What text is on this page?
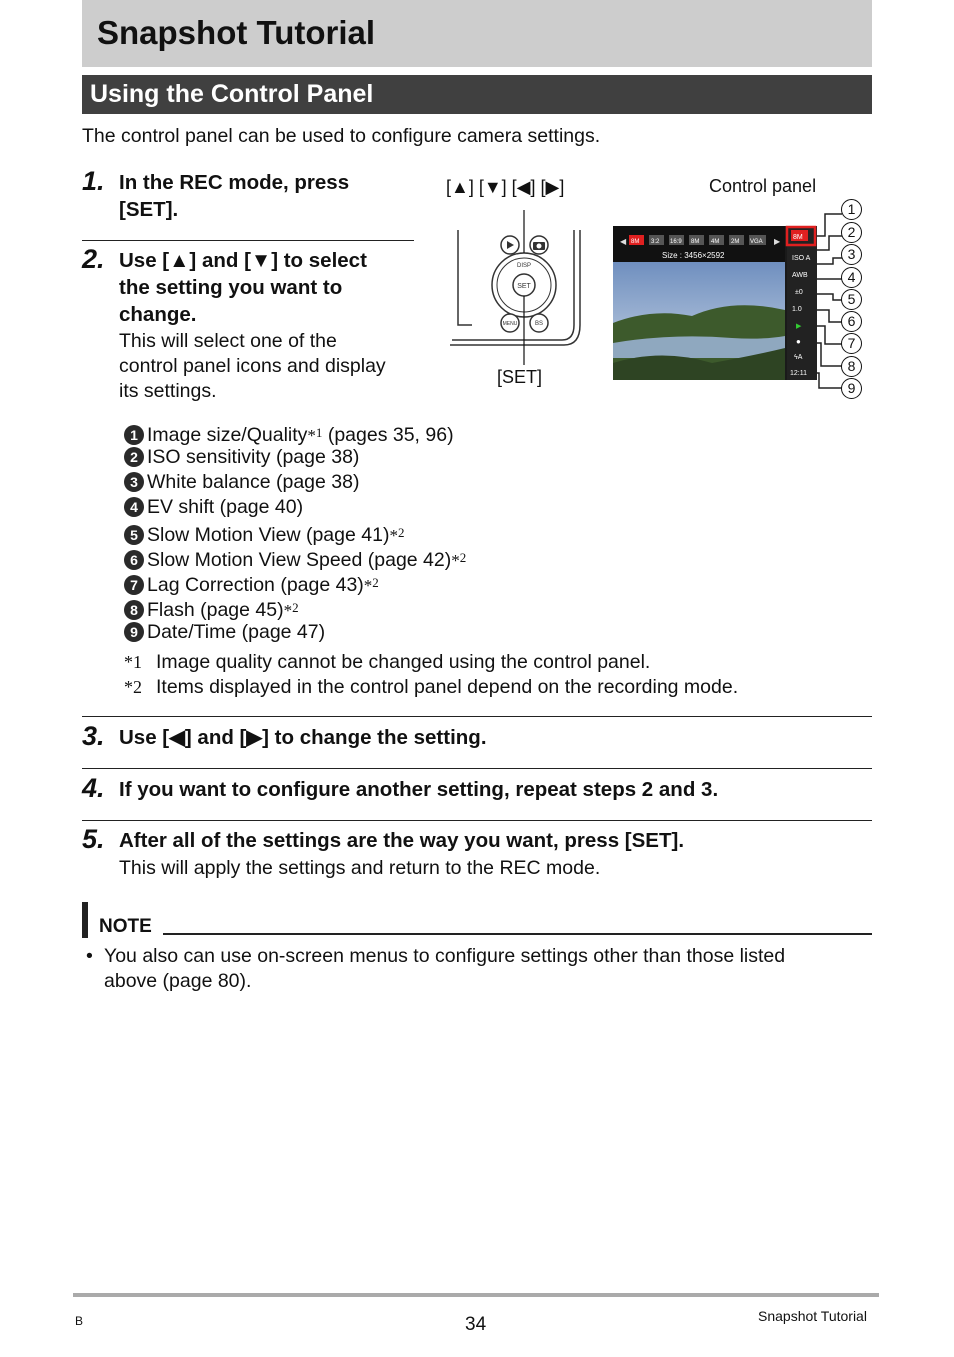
Snapshot Tutorial
Using the Control Panel
The control panel can be used to configure camera settings.
1. In the REC mode, press
[SET].
2. Use [▲] and [▼] to select
the setting you want to
change.
This will select one of the
control panel icons and display
its settings.
[▲] [▼] [◀] [▶]
[SET]
SET
DISP
MENU	BS
Control panel
◀ 8M 3:2 16:9 8M 4M 2M VGA ▶
Size : 3456×2592
8M
ISO A
AWB
±0
1.0
▶
●
ϟA
12:11
1
2
3
4
5
6
7
8
9
1 Image size/Quality*$^1$ (pages 35, 96)
2 ISO sensitivity (page 38)
3 White balance (page 38)
4 EV shift (page 40)
5 Slow Motion View (page 41)*$^2$
6 Slow Motion View Speed (page 42)*$^2$
7 Lag Correction (page 43)*$^2$
8 Flash (page 45)*$^2$
9 Date/Time (page 47)
*1 Image quality cannot be changed using the control panel.
*2 Items displayed in the control panel depend on the recording mode.
3. Use [◀] and [▶] to change the setting.
4. If you want to configure another setting, repeat steps 2 and 3.
5. After all of the settings are the way you want, press [SET].
This will apply the settings and return to the REC mode.
NOTE
• You also can use on-screen menus to configure settings other than those listed
above (page 80).
B	34	Snapshot Tutorial
